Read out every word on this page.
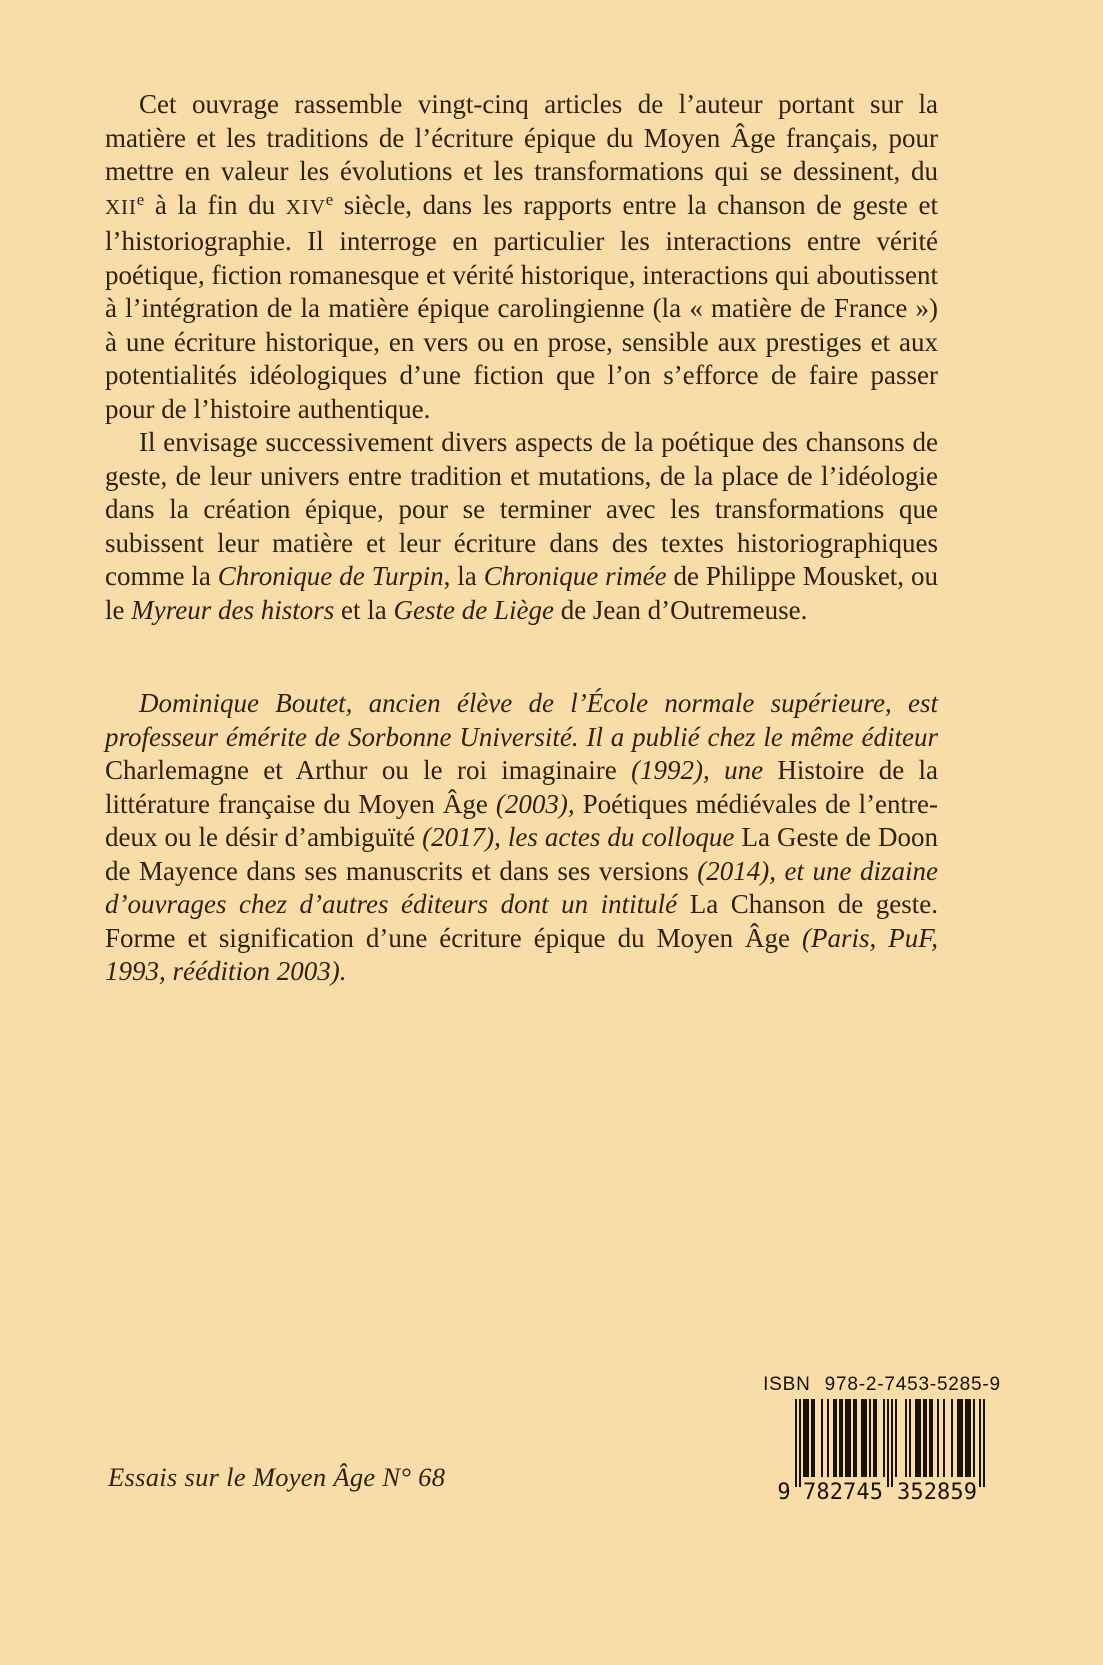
Cet ouvrage rassemble vingt-cinq articles de l’auteur portant sur la matière et les traditions de l’écriture épique du Moyen Âge français, pour mettre en valeur les évolutions et les transformations qui se dessinent, du XIIe à la fin du XIVe siècle, dans les rapports entre la chanson de geste et l’historiographie. Il interroge en particulier les interactions entre vérité poétique, fiction romanesque et vérité historique, interactions qui aboutissent à l’intégration de la matière épique carolingienne (la « matière de France ») à une écriture historique, en vers ou en prose, sensible aux prestiges et aux potentialités idéologiques d’une fiction que l’on s’efforce de faire passer pour de l’histoire authentique.

Il envisage successivement divers aspects de la poétique des chansons de geste, de leur univers entre tradition et mutations, de la place de l’idéologie dans la création épique, pour se terminer avec les transformations que subissent leur matière et leur écriture dans des textes historiographiques comme la Chronique de Turpin, la Chronique rimée de Philippe Mousket, ou le Myreur des histors et la Geste de Liège de Jean d’Outremeuse.

Dominique Boutet, ancien élève de l’École normale supérieure, est professeur émérite de Sorbonne Université. Il a publié chez le même éditeur Charlemagne et Arthur ou le roi imaginaire (1992), une Histoire de la littérature française du Moyen Âge (2003), Poétiques médiévales de l’entre-deux ou le désir d’ambiguïté (2017), les actes du colloque La Geste de Doon de Mayence dans ses manuscrits et dans ses versions (2014), et une dizaine d’ouvrages chez d’autres éditeurs dont un intitulé La Chanson de geste. Forme et signification d’une écriture épique du Moyen Âge (Paris, PuF, 1993, réédition 2003).

Essais sur le Moyen Âge N° 68
ISBN 978-2-7453-5285-9
9 782745 352859
